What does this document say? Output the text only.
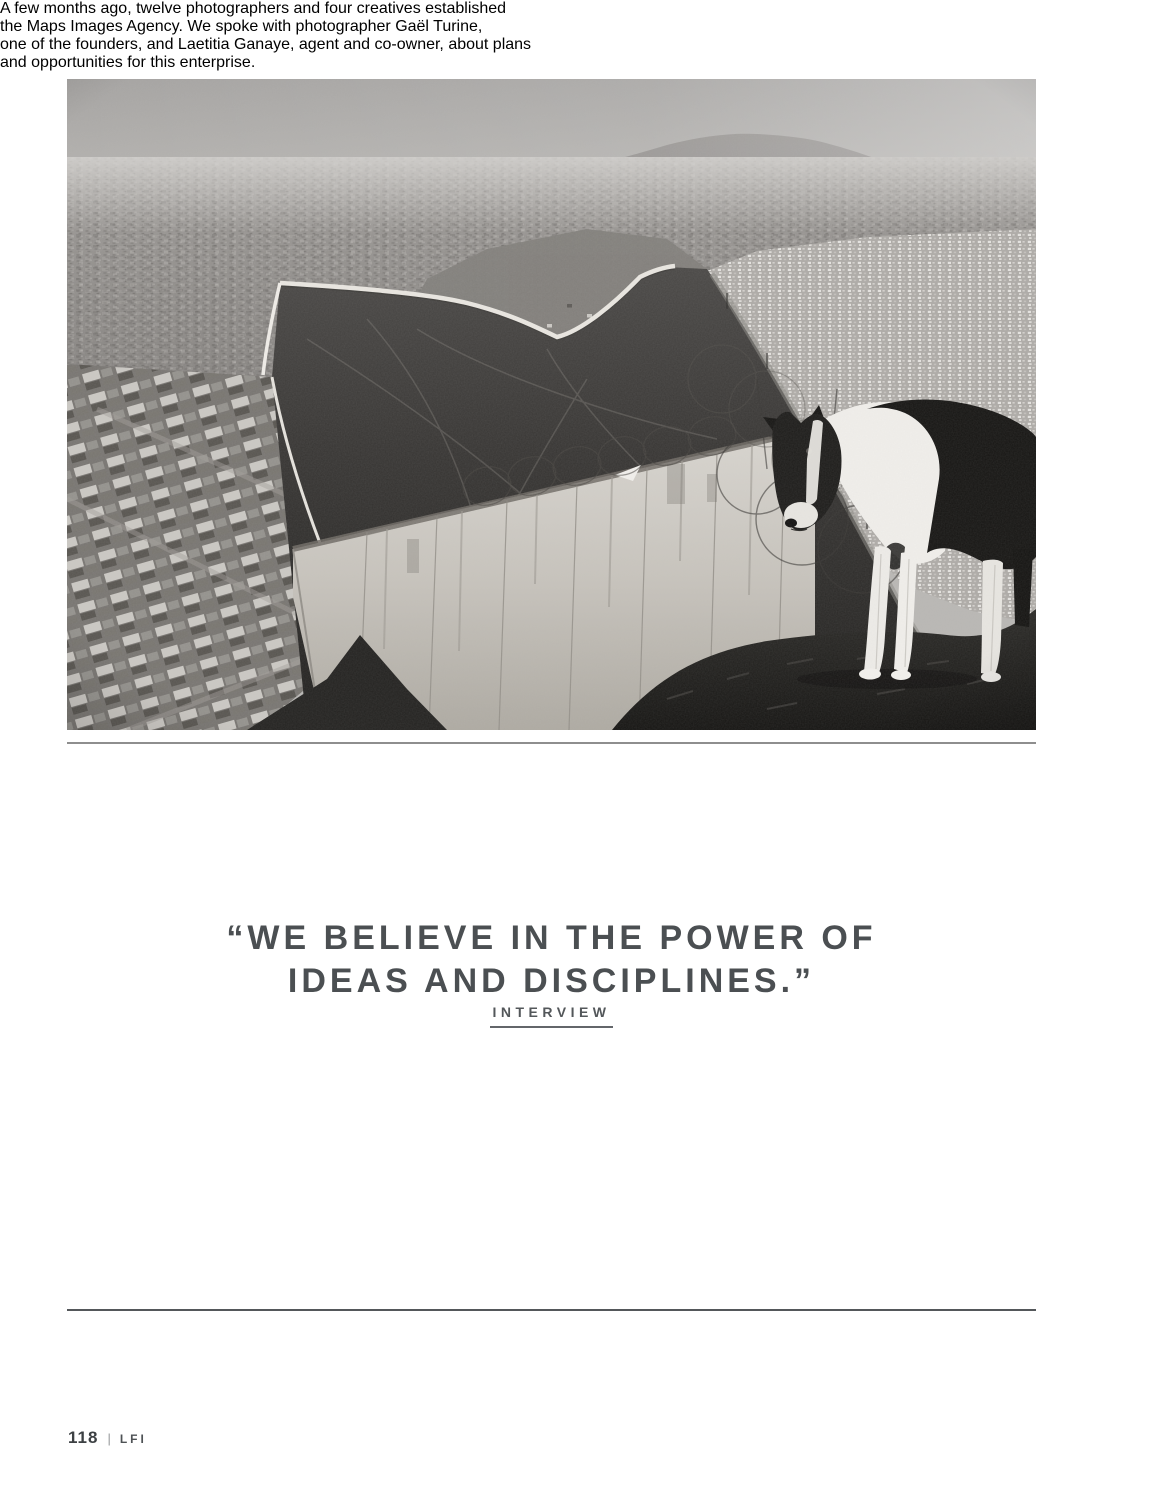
“WE BELIEVE IN THE POWER OF
IDEAS AND DISCIPLINES.”
INTERVIEW

A few months ago, twelve photographers and four creatives established
the Maps Images Agency. We spoke with photographer Gaël Turine,
one of the founders, and Laetitia Ganaye, agent and co-owner, about plans
and opportunities for this enterprise.

118 | LFI
